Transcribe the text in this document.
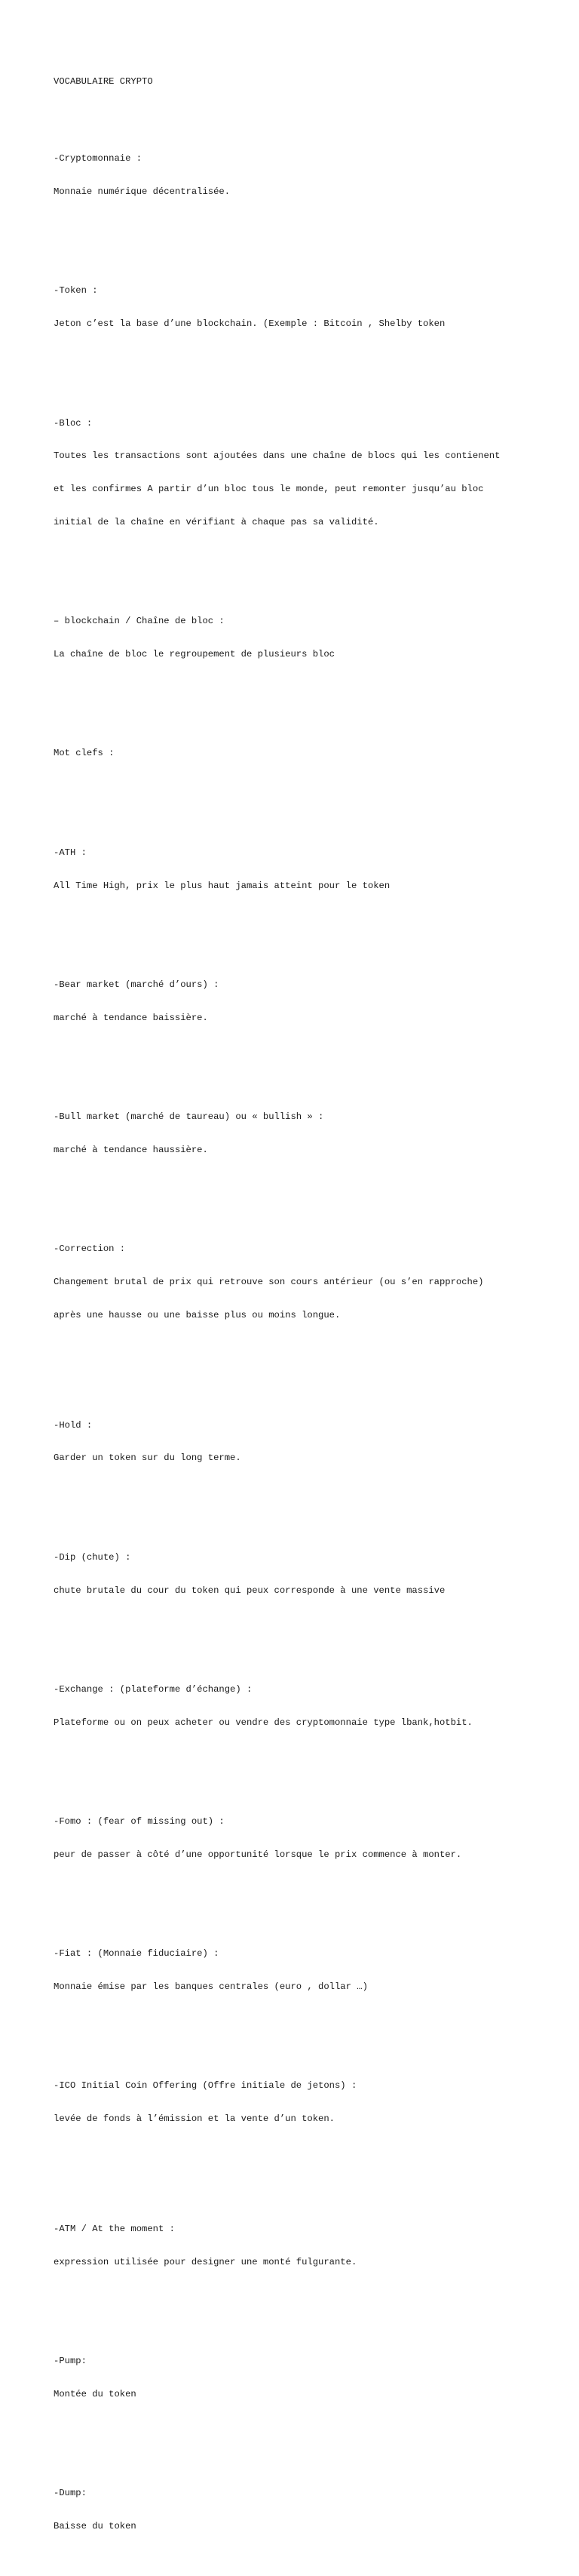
VOCABULAIRE CRYPTO

-Cryptomonnaie :

Monnaie numérique décentralisée.

-Token :

Jeton c’est la base d’une blockchain. (Exemple : Bitcoin , Shelby token

-Bloc :

Toutes les transactions sont ajoutées dans une chaîne de blocs qui les contienent

et les confirmes A partir d’un bloc tous le monde, peut remonter jusqu’au bloc

initial de la chaîne en vérifiant à chaque pas sa validité.

– blockchain / Chaîne de bloc :

La chaîne de bloc le regroupement de plusieurs bloc

Mot clefs :

-ATH :

All Time High, prix le plus haut jamais atteint pour le token

-Bear market (marché d’ours) :

marché à tendance baissière.

-Bull market (marché de taureau) ou « bullish » :

marché à tendance haussière.

-Correction :

Changement brutal de prix qui retrouve son cours antérieur (ou s’en rapproche)

après une hausse ou une baisse plus ou moins longue.

-Hold :

Garder un token sur du long terme.

-Dip (chute) :

chute brutale du cour du token qui peux corresponde à une vente massive

-Exchange : (plateforme d’échange) :

Plateforme ou on peux acheter ou vendre des cryptomonnaie type lbank,hotbit.

-Fomo : (fear of missing out) :

peur de passer à côté d’une opportunité lorsque le prix commence à monter.

-Fiat : (Monnaie fiduciaire) :

Monnaie émise par les banques centrales (euro , dollar …)

-ICO Initial Coin Offering (Offre initiale de jetons) :

levée de fonds à l’émission et la vente d’un token.

-ATM / At the moment :

expression utilisée pour designer une monté fulgurante.

-Pump:

Montée du token

-Dump:

Baisse du token
